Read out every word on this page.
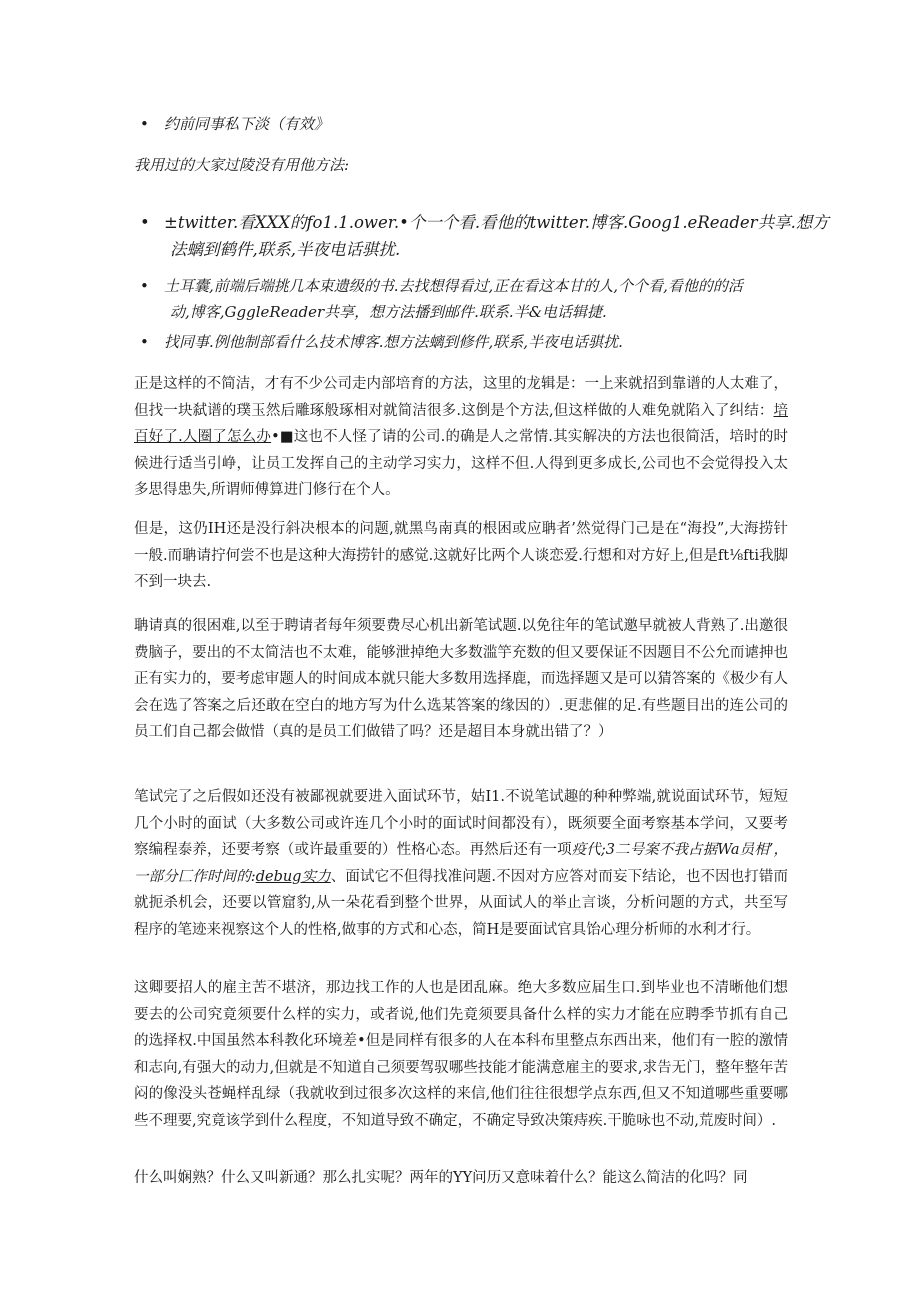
•	约前同事私下淡（有效》
我用过的大家过陵没有用他方法:
• ±twitter.看XXX的fo1.1.ower.•个一个看.看他的twitter.博客.Goog1.eReader共享.想方
法螭到鹤件,联系,半夜电话骐扰.
•	土耳囊,前端后端挑几本束遗级的书.去找想得看过,正在看这本甘的人,个个看,看他的的活
动,博客,GggleReader共享，想方法播到邮件.联系.半&电话辑捷.
•	找同事.例他制部看什么技术博客.想方法螭到修件,联系,半夜电话骐扰.
正是这样的不简洁，才有不少公司走内部培育的方法，这里的龙辑是：一上来就招到靠谱的人太难了，但找一块弑谱的璞玉然后雕琢般琢相对就简洁很多.这倒是个方法,但这样做的人难免就陷入了纠结：培百好了.人圈了怎么办•■这也不人怪了请的公司.的确是人之常情.其实解决的方法也很简活，培时的时候进行适当引峥，让员工发挥自己的主动学习实力，这样不但.人得到更多成长,公司也不会觉得投入太多思得患失,所谓师傅算进门修行在个人。
但是，这仍IH还是没行斜决根本的问题,就黑鸟南真的根困或应聃者’然觉得门己是在“海投”,大海捞针一般.而聃请拧何尝不也是这种大海捞针的感觉.这就好比两个人谈恋爱.行想和对方好上,但是ft⅛fti我脚不到一块去.
聃请真的很困难,以至于聘请者每年须要费尽心机出新笔试题.以免往年的笔试邀早就被人背熟了.出邀很费脑子，要出的不太简洁也不太难，能够泄掉绝大多数滥竽充数的但又要保证不因题目不公允而谑抻也正有实力的，要考虑审题人的时间成本就只能大多数用选择鹿，而选择题又是可以猜答案的《极少有人会在选了答案之后还敢在空白的地方写为什么选某答案的缘因的）.更悲催的足.有些题目出的连公司的员工们自己都会做惜（真的是员工们做错了吗？还是超目本身就出错了？）
笔试完了之后假如还没有被鄙视就要进入面试环节，姑I1.不说笔试趣的种种弊端,就说面试环节，短短几个小时的面试（大多数公司或许连几个小时的面试时间都没有），既须要全面考察基本学问，又要考察编程泰养，还要考察（或许最重要的）性格心态。再然后还有一项疫代;3二号案不我占据Wa员相’，一部分匚作时间的:debug实力、面试它不但得找准问题.不因对方应答对而妄下结论，也不因也打错而就扼杀机会，还要以管窟豹,从一朵花看到整个世界，从面试人的举止言谈，分析问题的方式，共至写程序的笔迹来视察这个人的性格,做事的方式和心态，简H是要面试官具饴心理分析师的水利才行。
这卿要招人的雇主苦不堪济，那边找工作的人也是团乱麻。绝大多数应届生口.到毕业也不清晰他们想要去的公司究竟须要什么样的实力，或者说,他们先竟须要具备什么样的实力才能在应聘季节抓有自己的选择权.中国虽然本科教化环境差•但是同样有很多的人在本科布里整点东西出来，他们有一腔的激情和志向,有强大的动力,但就是不知道自己须要驾驭哪些技能才能满意雇主的要求,求告无门，整年整年苦闷的像没头苍蝇样乱绿（我就收到过很多次这样的来信,他们往往很想学点东西,但又不知道哪些重要哪些不理要,究竟该学到什么程度，不知道导致不确定，不确定导致决策痔疾.干脆咏也不动,荒废时间）.
什么叫娴熟？什么又叫新通？那么扎实呢？两年的YY问历又意味着什么？能这么简洁的化吗？同
